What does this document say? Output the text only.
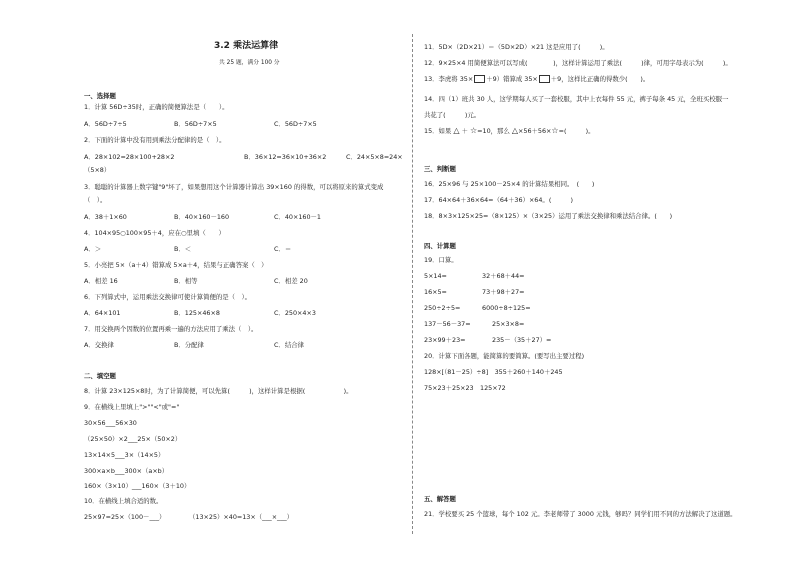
3.2 乘法运算律
共 25 题，满分 100 分
一、选择题
1．计算 56D÷35时，正确的简便算法是（　　）。
A．56D÷7÷5	B．56D÷7×5	C．56D÷7×5
2．下面的计算中没有用到乘法分配律的是（　）。
A．28×102=28×100+28×2	B．36×12=36×10+36×2	C．24×5×8=24×
（5×8）
3．聪聪的计算器上数字键"9"坏了，如果想用这个计算器计算出 39×160 的得数，可以将原来的算式变成
（　）。
A．38＋1×60	B．40×160－160	C．40×160－1
4．104×95○100×95＋4，应在○里填（　　）
A．＞	B．＜	C．＝
5．小亮把 5×（a＋4）错算成 5×a＋4，结果与正确答案（　）
A．相差 16	B．相等	C．相差 20
6．下列算式中，运用乘法交换律可使计算简便的是（　）。
A．64×101	B．125×46×8	C．250×4×3
7．用交换两个因数的位置再乘一遍的方法应用了乘法（　）。
A．交换律	B．分配律	C．结合律
二、填空题
8．计算 23×125×8时，为了计算简便，可以先算(　　　)，这样计算是根据(　　　　　　)。
9．在横线上里填上">""<"或"="
30×56___56×30
（25×50）×2___25×（50×2）
13×14×5___3×（14×5）
300×a×b___300×（a×b）
160×（3×10）___160×（3＋10）
10．在横线上填合适的数。
25×97=25×（100－___）	（13×25）×40=13×（___×___）
11．5D×（2D×21）＝（5D×2D）×21 这是应用了(　　　)。
12．9×25×4 用简便算法可以写成(　　　　)，这样计算运用了乘法(　　　)律，可用字母表示为(　　　)。
13．李虎将 35× ＋9）错算成 35× ＋9，这样比正确的得数少(　　)。
14．四（1）班共 30 人，这学期每人买了一套校服，其中上衣每件 55 元，裤子每条 45 元，全班买校服一
共花了(　　　)元。
15．如果 △ ＋ ☆=10，那么 △×56＋56×☆=(　　　)。
三、判断题
16．25×96 与 25×100－25×4 的计算结果相同。　(　　)
17．64×64＋36×64=（64＋36）×64。(　　　)
18．8×3×125×25=（8×125）×（3×25）运用了乘法交换律和乘法结合律。(　　)
四、计算题
19．口算。
5×14=	32＋68＋44=
16×5=	73＋98＋27=
250÷2÷5=	6000÷8÷125=
137－56－37=	25×3×8=
23×99＋23=	235－（35＋27）=
20．计算下面各题，能简算的要简算。(要写出主要过程)
128×[（81－25）÷8]　355＋260＋140＋245
75×23＋25×23　125×72
五、解答题
21．学校要买 25 个篮球，每个 102 元。李老师带了 3000 元钱，够吗？同学们用不同的方法解决了这道题。
